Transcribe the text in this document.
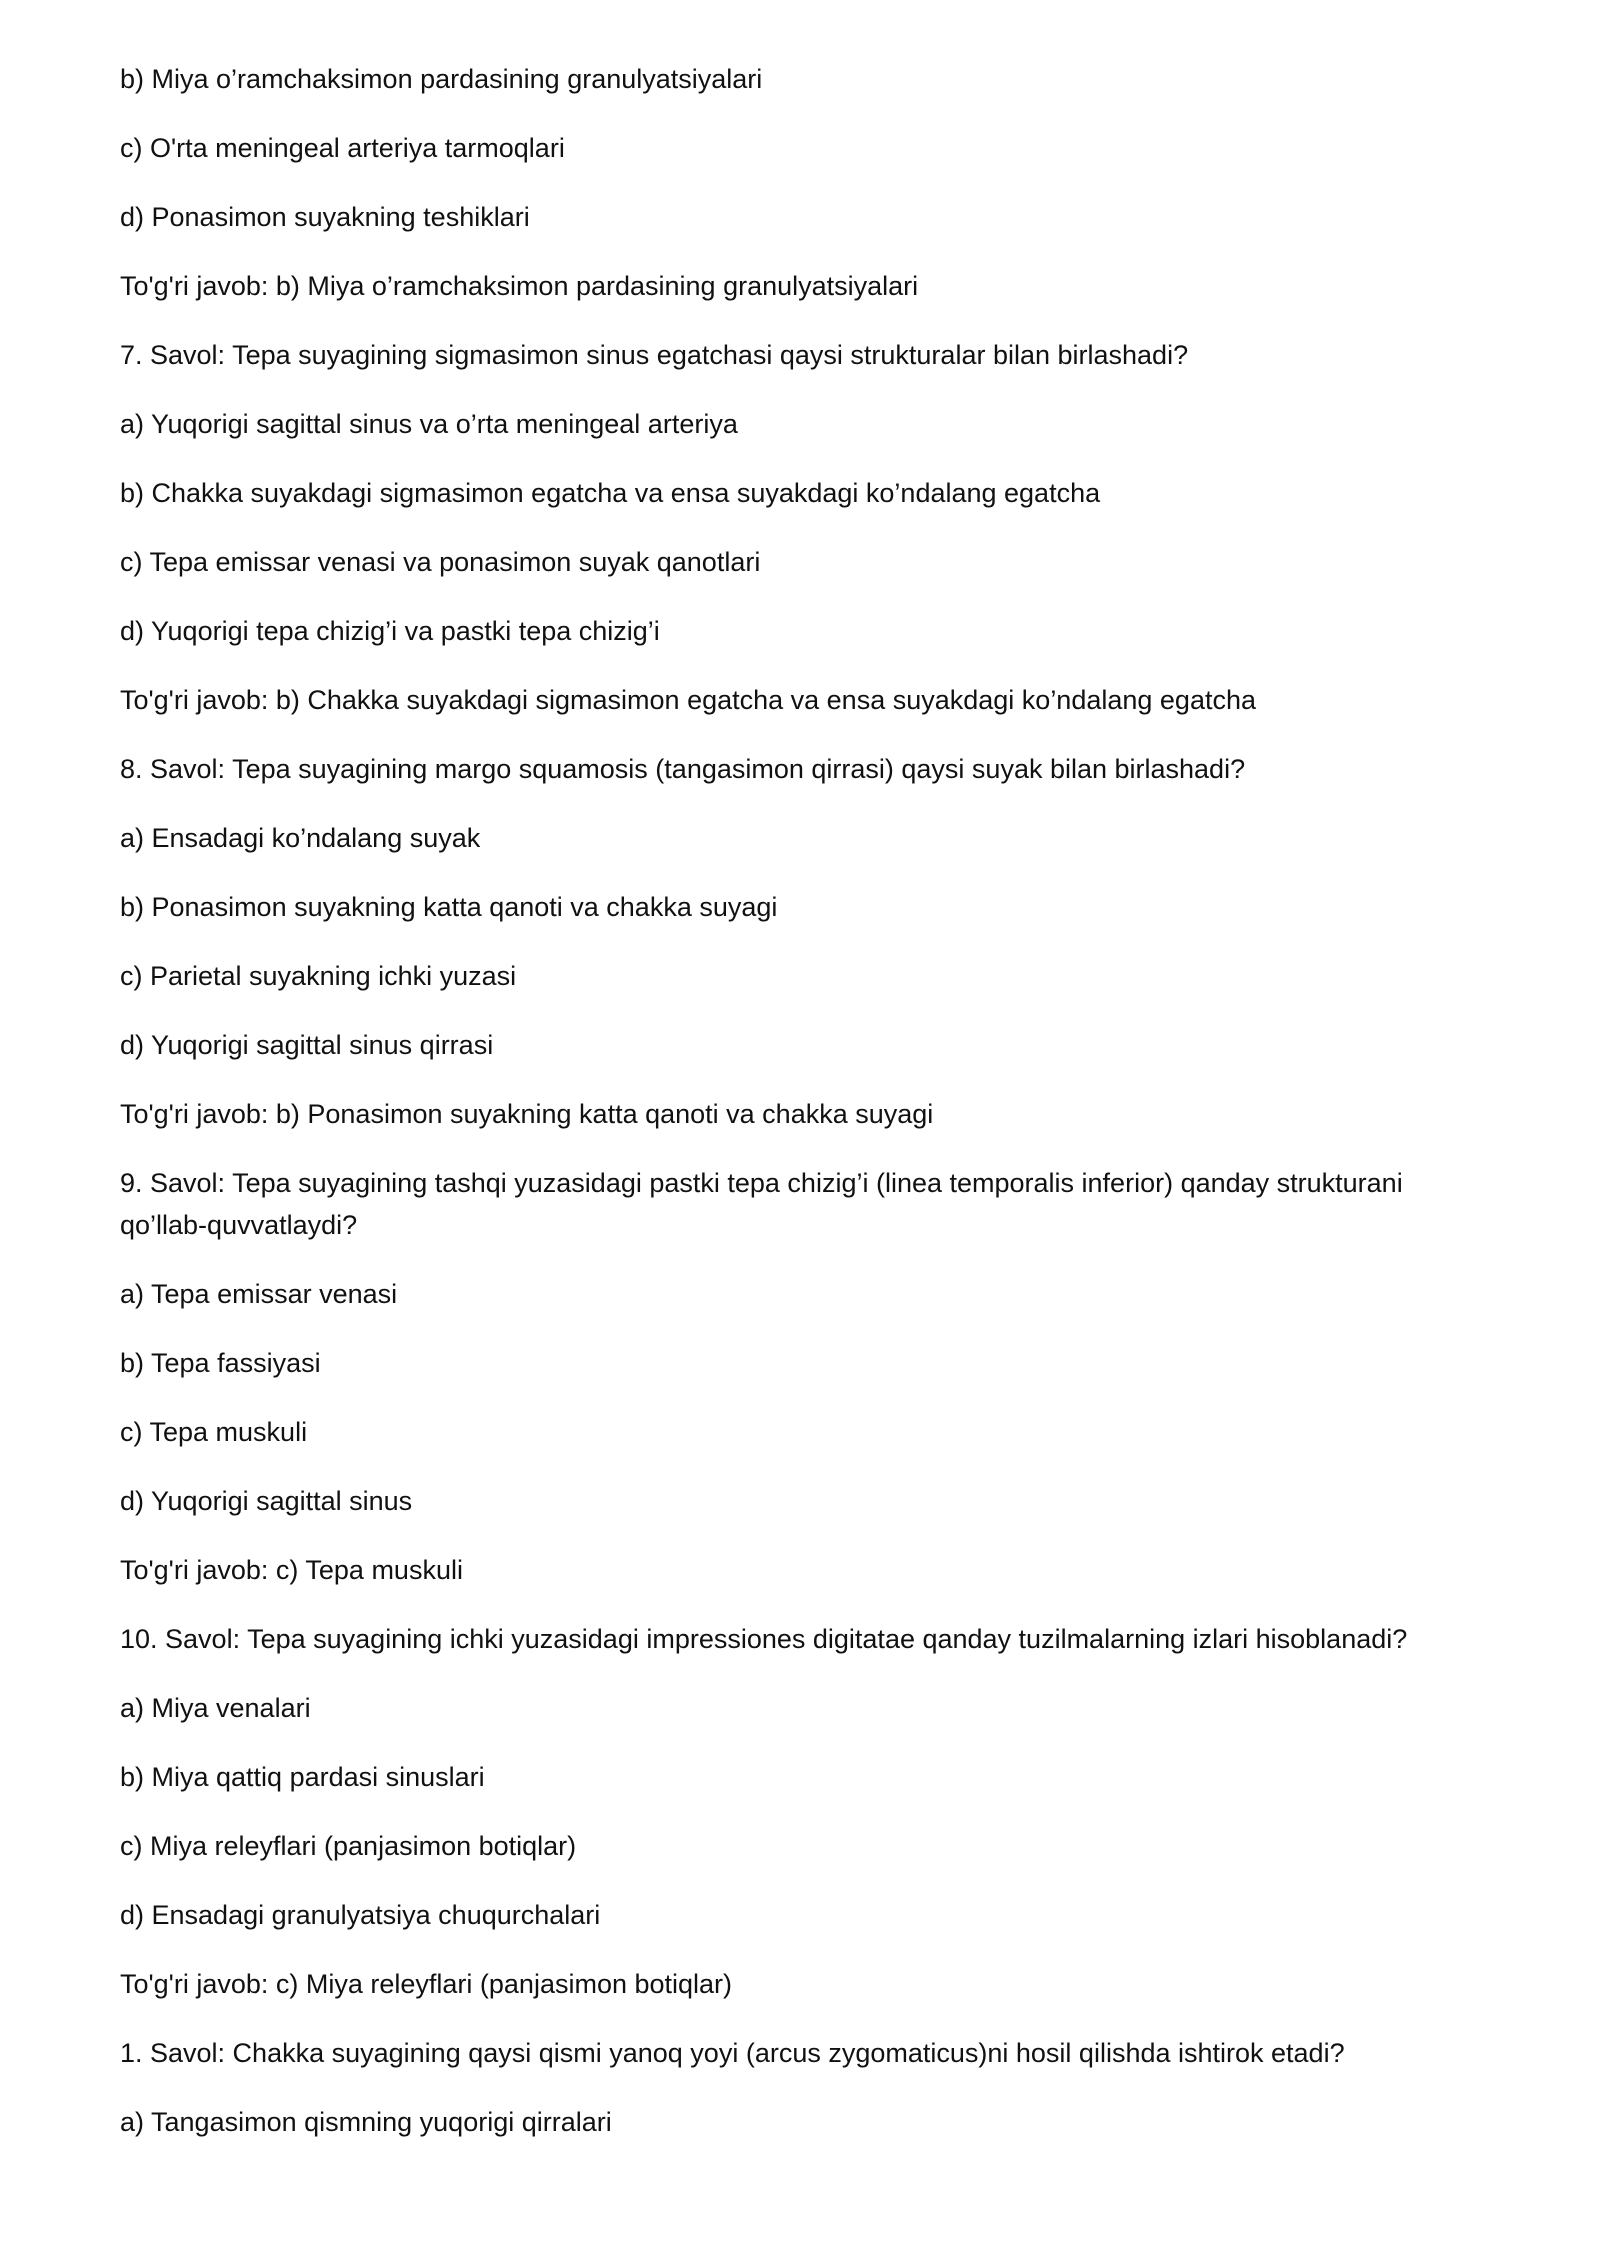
b) Miya o’ramchaksimon pardasining granulyatsiyalari

c) O'rta meningeal arteriya tarmoqlari

d) Ponasimon suyakning teshiklari

To'g'ri javob: b) Miya o’ramchaksimon pardasining granulyatsiyalari

7. Savol: Tepa suyagining sigmasimon sinus egatchasi qaysi strukturalar bilan birlashadi?

a) Yuqorigi sagittal sinus va o’rta meningeal arteriya

b) Chakka suyakdagi sigmasimon egatcha va ensa suyakdagi ko’ndalang egatcha

c) Tepa emissar venasi va ponasimon suyak qanotlari

d) Yuqorigi tepa chizig’i va pastki tepa chizig’i

To'g'ri javob: b) Chakka suyakdagi sigmasimon egatcha va ensa suyakdagi ko’ndalang egatcha

8. Savol: Tepa suyagining margo squamosis (tangasimon qirrasi) qaysi suyak bilan birlashadi?

a) Ensadagi ko’ndalang suyak

b) Ponasimon suyakning katta qanoti va chakka suyagi

c) Parietal suyakning ichki yuzasi

d) Yuqorigi sagittal sinus qirrasi

To'g'ri javob: b) Ponasimon suyakning katta qanoti va chakka suyagi

9. Savol: Tepa suyagining tashqi yuzasidagi pastki tepa chizig’i (linea temporalis inferior) qanday strukturani qo’llab-quvvatlaydi?

a) Tepa emissar venasi

b) Tepa fassiyasi

c) Tepa muskuli

d) Yuqorigi sagittal sinus

To'g'ri javob: c) Tepa muskuli

10. Savol: Tepa suyagining ichki yuzasidagi impressiones digitatae qanday tuzilmalarning izlari hisoblanadi?

a) Miya venalari

b) Miya qattiq pardasi sinuslari

c) Miya releyflari (panjasimon botiqlar)

d) Ensadagi granulyatsiya chuqurchalari

To'g'ri javob: c) Miya releyflari (panjasimon botiqlar)

1. Savol: Chakka suyagining qaysi qismi yanoq yoyi (arcus zygomaticus)ni hosil qilishda ishtirok etadi?

a) Tangasimon qismning yuqorigi qirralari
